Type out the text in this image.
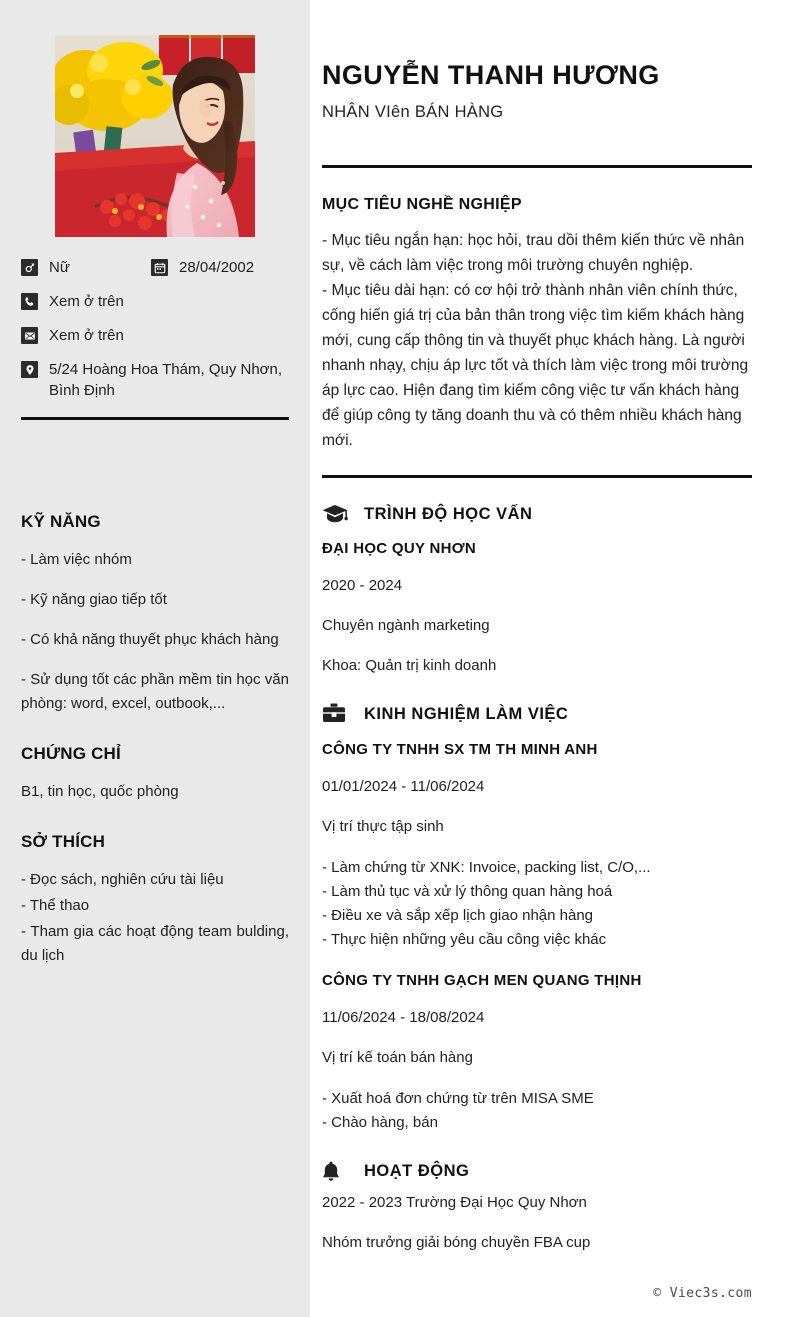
Nữ	28/04/2002
Xem ở trên
Xem ở trên
5/24 Hoàng Hoa Thám, Quy Nhơn, Bình Định
KỸ NĂNG

- Làm việc nhóm

- Kỹ năng giao tiếp tốt

- Có khả năng thuyết phục khách hàng

- Sử dụng tốt các phần mềm tin học văn phòng: word, excel, outbook,...

CHỨNG CHỈ

B1, tin học, quốc phòng

SỞ THÍCH

- Đọc sách, nghiên cứu tài liệu

- Thể thao

- Tham gia các hoạt động team bulding, du lịch

NGUYỄN THANH HƯƠNG

NHÂN VIên BÁN HÀNG

MỤC TIÊU NGHỀ NGHIỆP

- Mục tiêu ngắn hạn: học hỏi, trau dồi thêm kiến thức về nhân sự, về cách làm việc trong môi trường chuyên nghiệp.

- Mục tiêu dài hạn: có cơ hội trở thành nhân viên chính thức, cống hiến giá trị của bản thân trong việc tìm kiếm khách hàng mới, cung cấp thông tin và thuyết phục khách hàng. Là người nhanh nhạy, chịu áp lực tốt và thích làm việc trong môi trường áp lực cao. Hiện đang tìm kiếm công việc tư vấn khách hàng để giúp công ty tăng doanh thu và có thêm nhiều khách hàng mới.

TRÌNH ĐỘ HỌC VẤN

ĐẠI HỌC QUY NHƠN

2020 - 2024

Chuyên ngành marketing

Khoa: Quản trị kinh doanh

KINH NGHIỆM LÀM VIỆC

CÔNG TY TNHH SX TM TH MINH ANH

01/01/2024 - 11/06/2024

Vị trí thực tập sinh

- Làm chứng từ XNK: Invoice, packing list, C/O,...
- Làm thủ tục và xử lý thông quan hàng hoá
- Điều xe và sắp xếp lịch giao nhận hàng
- Thực hiện những yêu cầu công việc khác

CÔNG TY TNHH GẠCH MEN QUANG THỊNH

11/06/2024 - 18/08/2024

Vị trí kế toán bán hàng

- Xuất hoá đơn chứng từ trên MISA SME
- Chào hàng, bán
HOẠT ĐỘNG

2022 - 2023 Trường Đại Học Quy Nhơn

Nhóm trưởng giải bóng chuyền FBA cup

© Viec3s.com
